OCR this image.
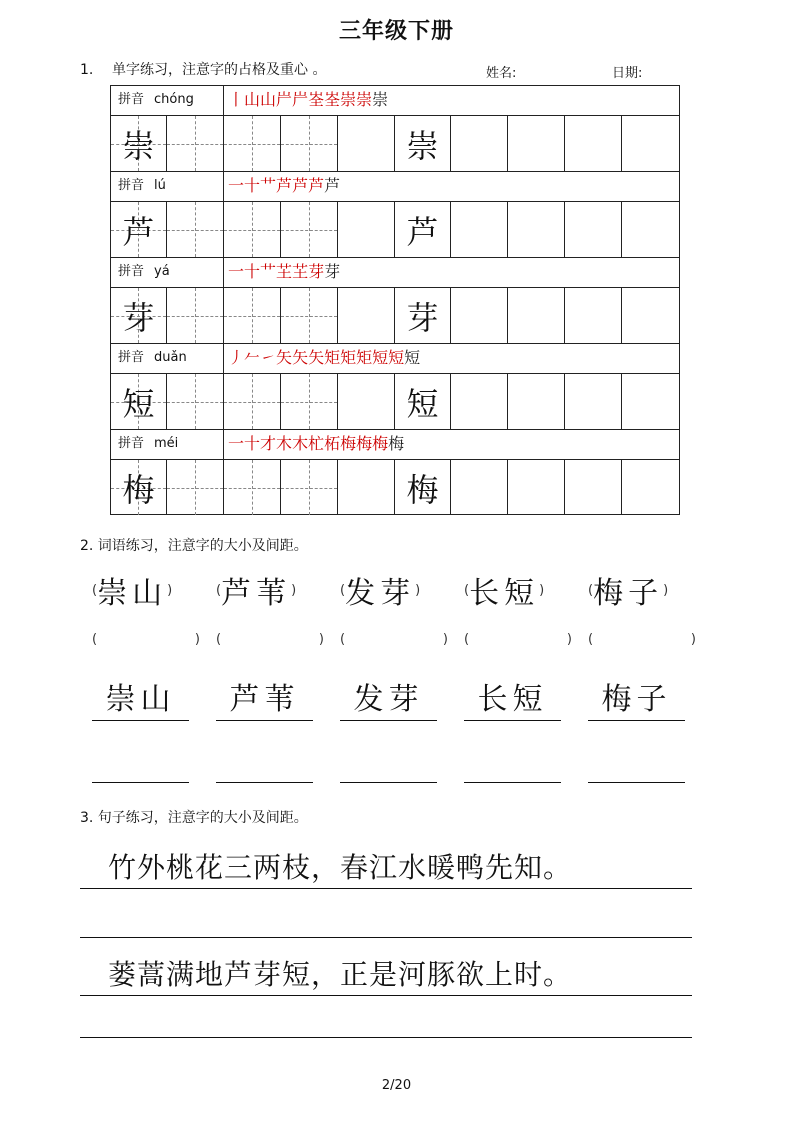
三年级下册
1. 单字练习，注意字的占格及重心 。	姓名:	日期:
拼音 chóng	丨山山屵屵峑峑崇崇崇
崇	崇
拼音 lú	一十艹芦芦芦芦
芦	芦
拼音 yá	一十艹芏芏芽芽
芽	芽
拼音 duǎn	丿𠂉㇀矢矢矢矩矩矩短短短
短	短
拼音 méi	一十才木木杧柘梅梅梅梅
梅	梅
2. 词语练习，注意字的大小及间距。
( 崇山 )	( 芦苇 )	( 发芽 )	( 长短 )	( 梅子 )
(	) (	) (	) (	) (	)
崇山	芦苇	发芽	长短	梅子
3. 句子练习，注意字的大小及间距。
竹外桃花三两枝，春江水暖鸭先知。
蒌蒿满地芦芽短，正是河豚欲上时。
2/20
